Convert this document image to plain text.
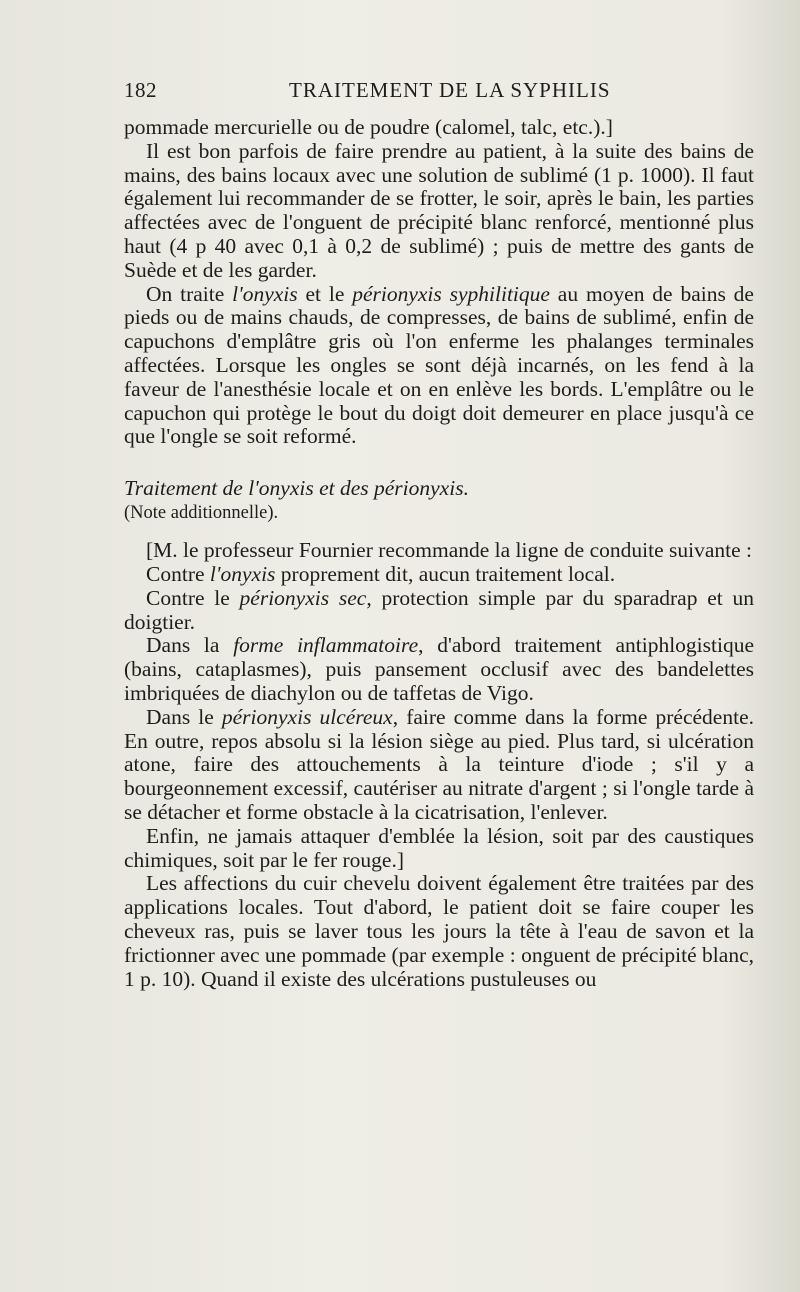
182	TRAITEMENT DE LA SYPHILIS

pommade mercurielle ou de poudre (calomel, talc, etc.).]

Il est bon parfois de faire prendre au patient, à la suite des bains de mains, des bains locaux avec une solution de sublimé (1 p. 1000). Il faut également lui recommander de se frotter, le soir, après le bain, les parties affectées avec de l'onguent de précipité blanc renforcé, mentionné plus haut (4 p 40 avec 0,1 à 0,2 de sublimé) ; puis de mettre des gants de Suède et de les garder.

On traite l'onyxis et le périonyxis syphilitique au moyen de bains de pieds ou de mains chauds, de compresses, de bains de sublimé, enfin de capuchons d'emplâtre gris où l'on enferme les phalanges terminales affectées. Lorsque les ongles se sont déjà incarnés, on les fend à la faveur de l'anesthésie locale et on en enlève les bords. L'emplâtre ou le capuchon qui protège le bout du doigt doit demeurer en place jusqu'à ce que l'ongle se soit reformé.

Traitement de l'onyxis et des périonyxis.

(Note additionnelle).

[M. le professeur Fournier recommande la ligne de conduite suivante :

Contre l'onyxis proprement dit, aucun traitement local.

Contre le périonyxis sec, protection simple par du sparadrap et un doigtier.

Dans la forme inflammatoire, d'abord traitement antiphlogistique (bains, cataplasmes), puis pansement occlusif avec des bandelettes imbriquées de diachylon ou de taffetas de Vigo.

Dans le périonyxis ulcéreux, faire comme dans la forme précédente. En outre, repos absolu si la lésion siège au pied. Plus tard, si ulcération atone, faire des attouchements à la teinture d'iode ; s'il y a bourgeonnement excessif, cautériser au nitrate d'argent ; si l'ongle tarde à se détacher et forme obstacle à la cicatrisation, l'enlever.

Enfin, ne jamais attaquer d'emblée la lésion, soit par des caustiques chimiques, soit par le fer rouge.]

Les affections du cuir chevelu doivent également être traitées par des applications locales. Tout d'abord, le patient doit se faire couper les cheveux ras, puis se laver tous les jours la tête à l'eau de savon et la frictionner avec une pommade (par exemple : onguent de précipité blanc, 1 p. 10). Quand il existe des ulcérations pustuleuses ou
